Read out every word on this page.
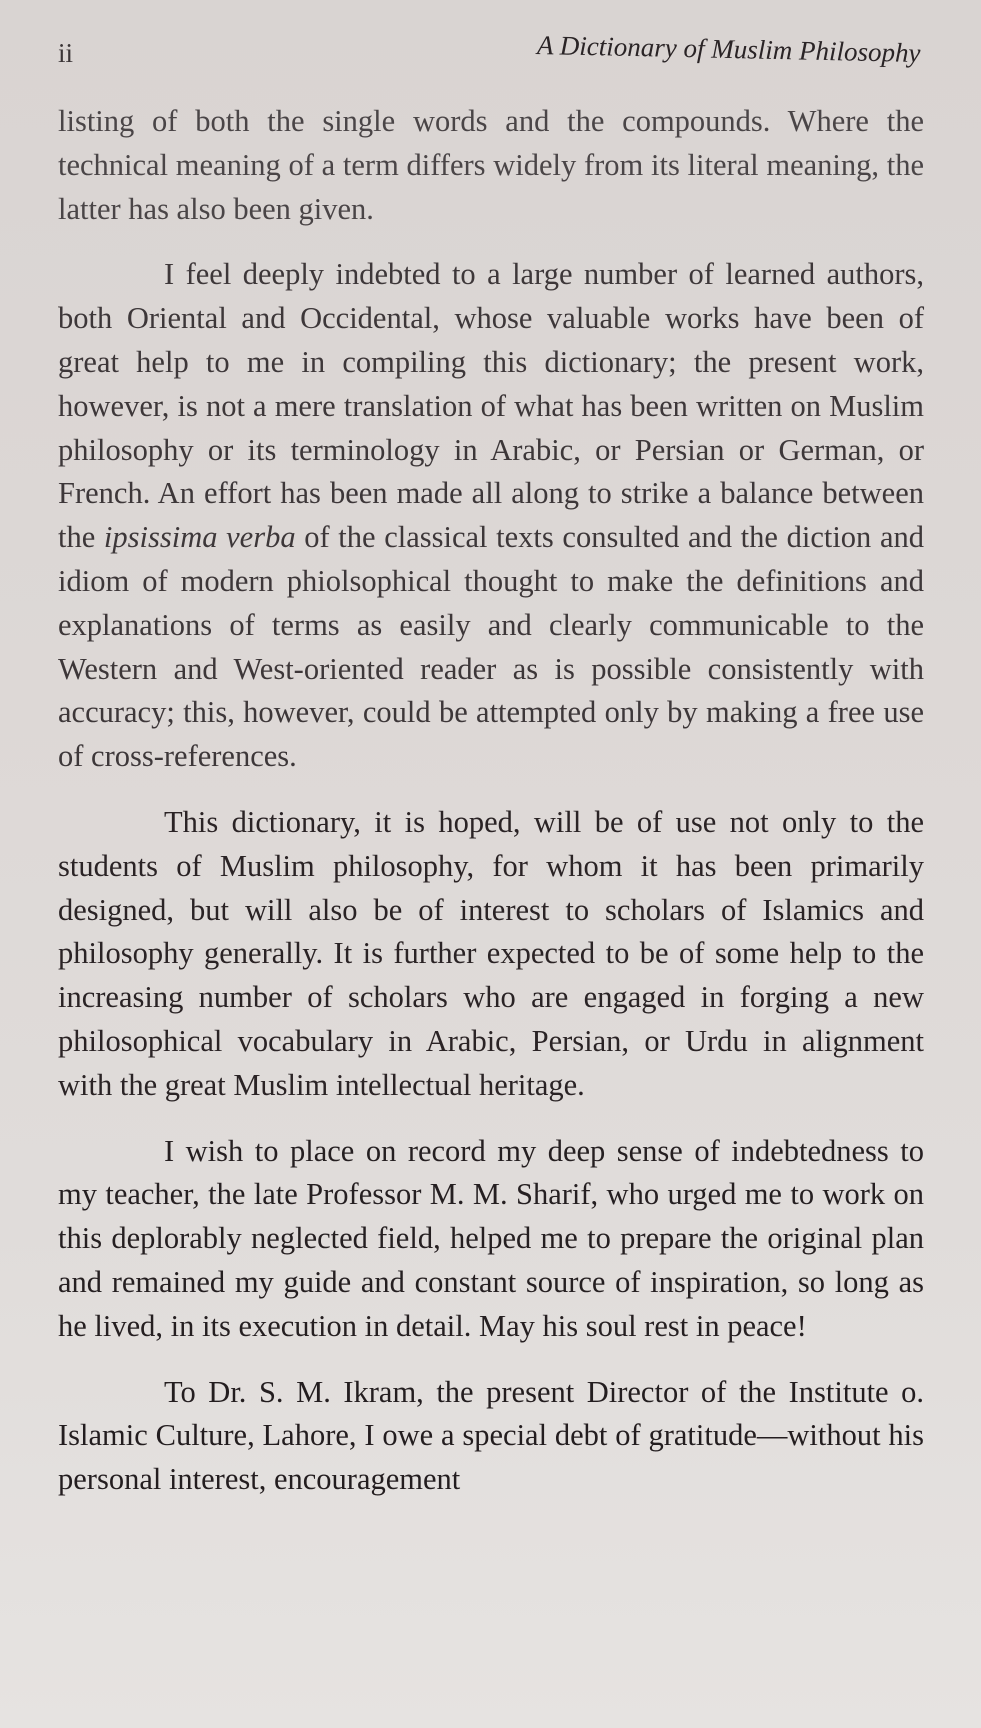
ii	A Dictionary of Muslim Philosophy

listing of both the single words and the compounds. Where the technical meaning of a term differs widely from its literal meaning, the latter has also been given.

I feel deeply indebted to a large number of learned authors, both Oriental and Occidental, whose valuable works have been of great help to me in compiling this dictionary; the present work, however, is not a mere translation of what has been written on Muslim philosophy or its terminology in Arabic, or Persian or German, or French. An effort has been made all along to strike a balance between the ipsissima verba of the classical texts consulted and the diction and idiom of modern phiolsophical thought to make the definitions and explanations of terms as easily and clearly communicable to the Western and West-oriented reader as is possible consistently with accuracy; this, however, could be attempted only by making a free use of cross-references.

This dictionary, it is hoped, will be of use not only to the students of Muslim philosophy, for whom it has been primarily designed, but will also be of interest to scholars of Islamics and philosophy generally. It is further expected to be of some help to the increasing number of scholars who are engaged in forging a new philosophical vocabulary in Arabic, Persian, or Urdu in alignment with the great Muslim intellectual heritage.

I wish to place on record my deep sense of indebtedness to my teacher, the late Professor M. M. Sharif, who urged me to work on this deplorably neglected field, helped me to prepare the original plan and remained my guide and constant source of inspiration, so long as he lived, in its execution in detail. May his soul rest in peace!

To Dr. S. M. Ikram, the present Director of the Institute o. Islamic Culture, Lahore, I owe a special debt of gratitude—without his personal interest, encouragement
